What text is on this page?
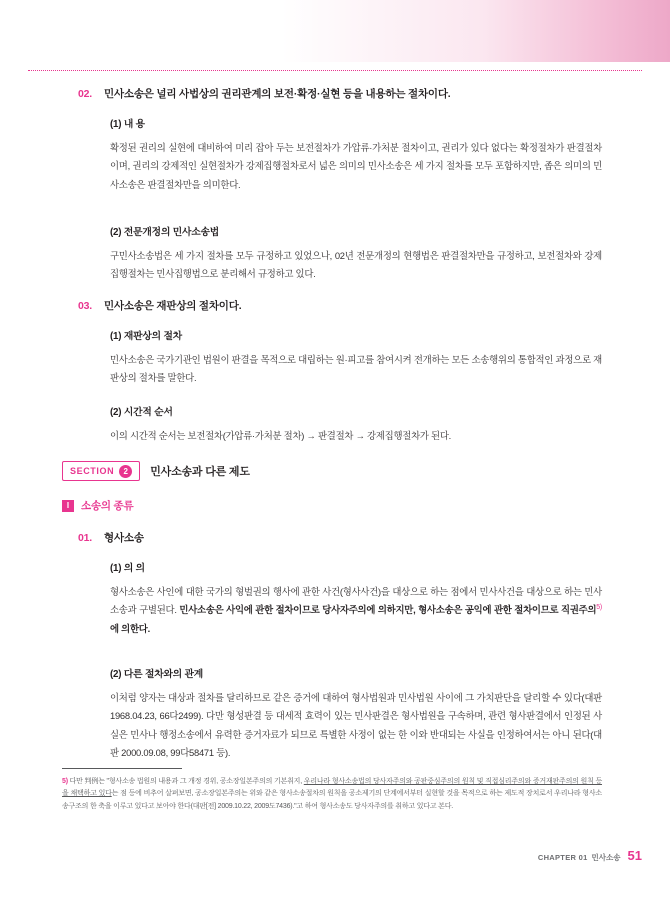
02.	민사소송은 널리 사법상의 권리관계의 보전·확정·실현 등을 내용하는 절차이다.
(1) 내 용
확정된 권리의 실현에 대비하여 미리 잡아 두는 보전절차가 가압류·가처분 절차이고, 권리가 있다 없다는 확정절차가 판결절차이며, 권리의 강제적인 실현절차가 강제집행절차로서 넓은 의미의 민사소송은 세 가지 절차를 모두 포함하지만, 좁은 의미의 민사소송은 판결절차만을 의미한다.
(2) 전문개정의 민사소송법
구민사소송법은 세 가지 절차를 모두 규정하고 있었으나, 02년 전문개정의 현행법은 판결절차만을 규정하고, 보전절차와 강제집행절차는 민사집행법으로 분리해서 규정하고 있다.
03.	민사소송은 재판상의 절차이다.
(1) 재판상의 절차
민사소송은 국가기관인 법원이 판결을 목적으로 대립하는 원·피고를 참여시켜 전개하는 모든 소송행위의 통합적인 과정으로 재판상의 절차를 말한다.
(2) 시간적 순서
이의 시간적 순서는 보전절차(가압류·가처분 절차) → 판결절차 → 강제집행절차가 된다.
SECTION	2	민사소송과 다른 제도
I	소송의 종류
01.	형사소송
(1) 의 의
형사소송은 사인에 대한 국가의 형벌권의 행사에 관한 사건(형사사건)을 대상으로 하는 점에서 민사사건을 대상으로 하는 민사소송과 구별된다. 민사소송은 사익에 관한 절차이므로 당사자주의에 의하지만, 형사소송은 공익에 관한 절차이므로 직권주의$^{5)}$에 의한다.
(2) 다른 절차와의 관계
이처럼 양자는 대상과 절차를 달리하므로 같은 증거에 대하여 형사법원과 민사법원 사이에 그 가치판단을 달리할 수 있다(대판 1968.04.23, 66다2499). 다만 형성판결 등 대세적 효력이 있는 민사판결은 형사법원을 구속하며, 관련 형사판결에서 인정된 사실은 민사나 행정소송에서 유력한 증거자료가 되므로 특별한 사정이 없는 한 이와 반대되는 사실을 인정하여서는 아니 된다(대판 2000.09.08, 99다58471 등).
5) 다만 判例는 "형사소송 법원의 내용과 그 개정 경위, 공소장일본주의의 기본취지, 우리나라 형사소송법의 당사자주의와 공판중심주의의 원칙 및 직접심리주의와 증거재판주의의 원칙 등을 채택하고 있다는 점 등에 비추어 살펴보면, 공소장일본주의는 위와 같은 형사소송절차의 원칙을 공소제기의 단계에서부터 실현할 것을 목적으로 하는 제도적 장치로서 우리나라 형사소송구조의 한 축을 이루고 있다고 보아야 한다(대판[전] 2009.10.22, 2009도7436)."고 하여 형사소송도 당사자주의를 취하고 있다고 본다.
CHAPTER 01 민사소송 51
